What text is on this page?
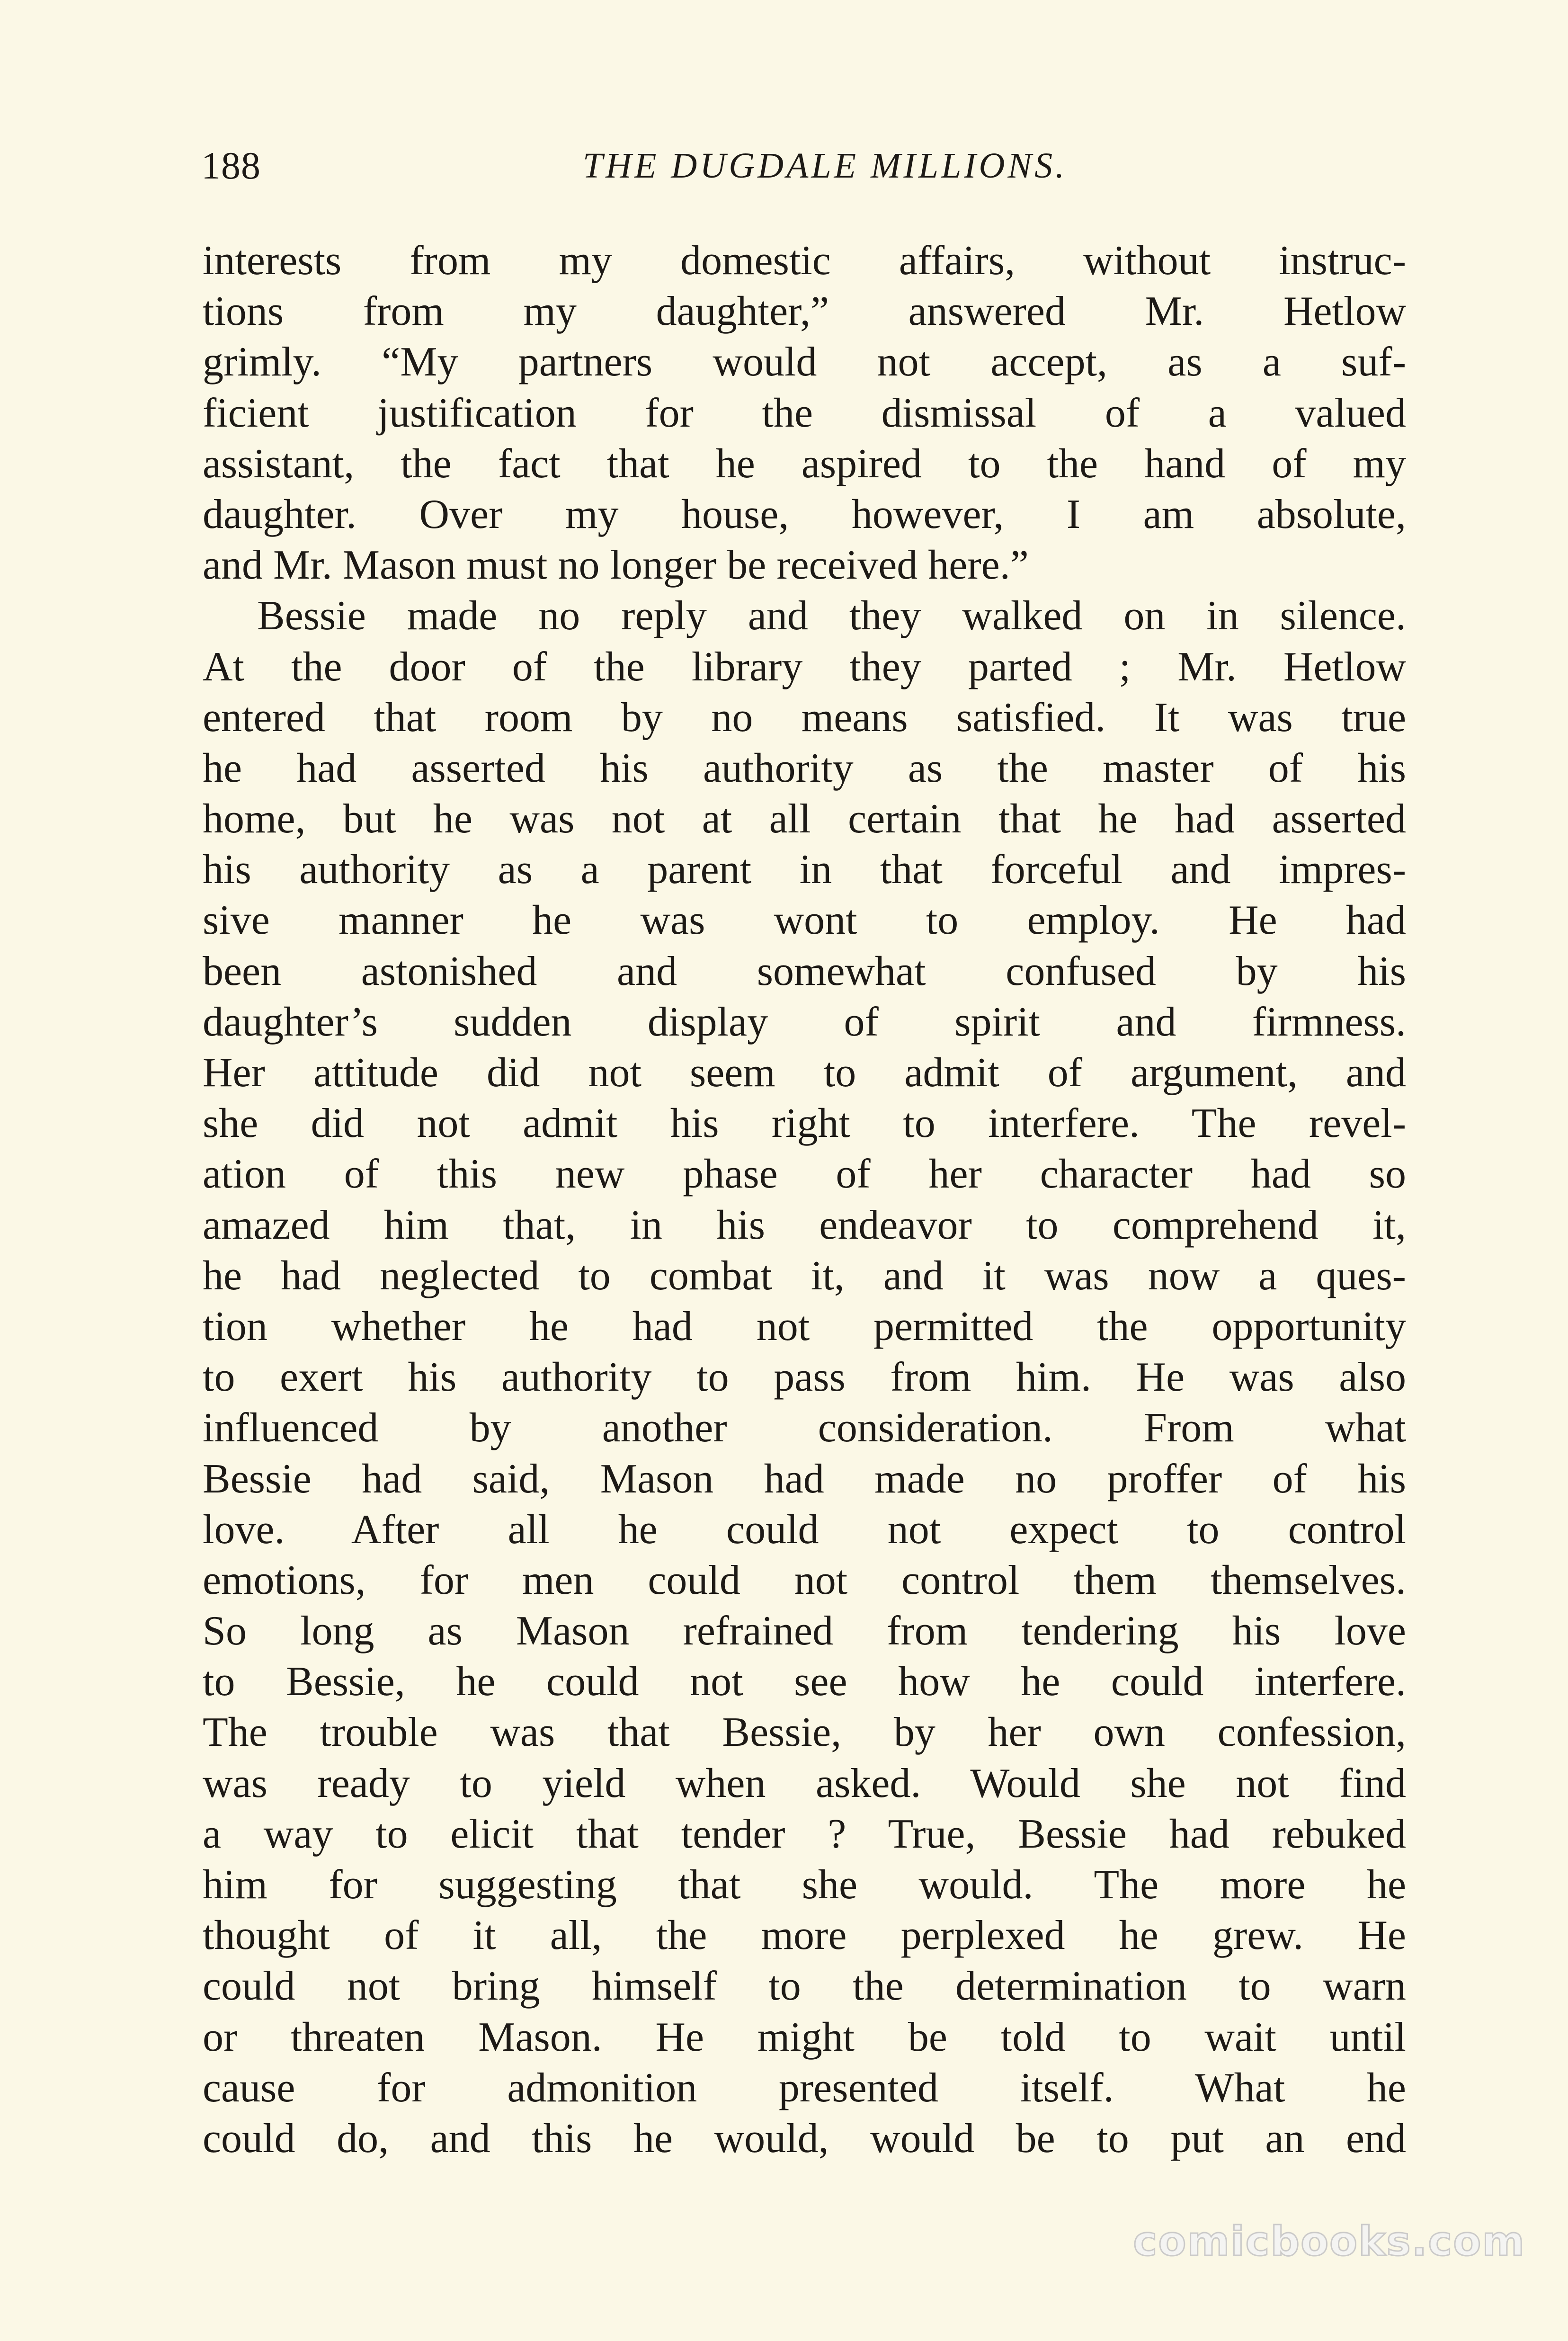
188	THE DUGDALE MILLIONS.
interests from my domestic affairs, without instruc-
tions from my daughter,” answered Mr. Hetlow
grimly. “My partners would not accept, as a suf-
ficient justification for the dismissal of a valued
assistant, the fact that he aspired to the hand of my
daughter. Over my house, however, I am absolute,
and Mr. Mason must no longer be received here.”
Bessie made no reply and they walked on in silence.
At the door of the library they parted ; Mr. Hetlow
entered that room by no means satisfied. It was true
he had asserted his authority as the master of his
home, but he was not at all certain that he had asserted
his authority as a parent in that forceful and impres-
sive manner he was wont to employ. He had
been astonished and somewhat confused by his
daughter’s sudden display of spirit and firmness.
Her attitude did not seem to admit of argument, and
she did not admit his right to interfere. The revel-
ation of this new phase of her character had so
amazed him that, in his endeavor to comprehend it,
he had neglected to combat it, and it was now a ques-
tion whether he had not permitted the opportunity
to exert his authority to pass from him. He was also
influenced by another consideration. From what
Bessie had said, Mason had made no proffer of his
love. After all he could not expect to control
emotions, for men could not control them themselves.
So long as Mason refrained from tendering his love
to Bessie, he could not see how he could interfere.
The trouble was that Bessie, by her own confession,
was ready to yield when asked. Would she not find
a way to elicit that tender ? True, Bessie had rebuked
him for suggesting that she would. The more he
thought of it all, the more perplexed he grew. He
could not bring himself to the determination to warn
or threaten Mason. He might be told to wait until
cause for admonition presented itself. What he
could do, and this he would, would be to put an end
comicbooks.com
